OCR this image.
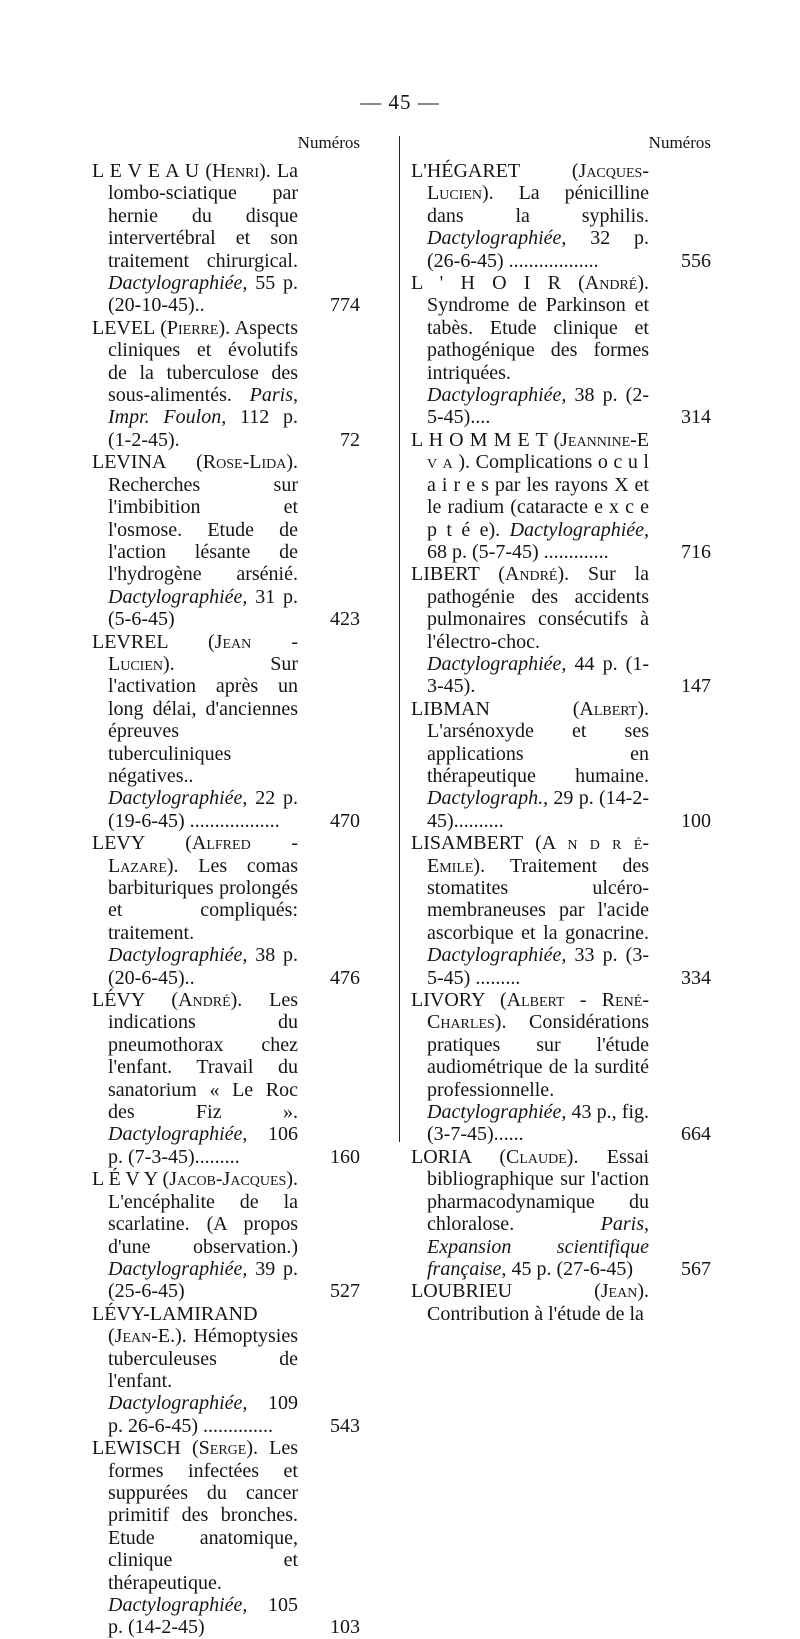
— 45 —
Numéros
L E V E A U (Henri). La lombo-sciatique par hernie du disque intervertébral et son traitement chirurgical. Dactylographiée, 55 p. (20-10-45)..	774
LEVEL (Pierre). Aspects cliniques et évolutifs de la tuberculose des sous-alimentés. Paris, Impr. Foulon, 112 p. (1-2-45).	72
LEVINA (Rose-Lida). Recherches sur l'imbibition et l'osmose. Etude de l'action lésante de l'hydrogène arsénié. Dactylographiée, 31 p. (5-6-45)	423
LEVREL (Jean - Lucien). Sur l'activation après un long délai, d'anciennes épreuves tuberculiniques négatives.. Dactylographiée, 22 p. (19-6-45) ..................	470
LEVY (Alfred - Lazare). Les comas barbituriques prolongés et compliqués: traitement. Dactylographiée, 38 p. (20-6-45)..	476
LÉVY (André). Les indications du pneumothorax chez l'enfant. Travail du sanatorium « Le Roc des Fiz ». Dactylographiée, 106 p. (7-3-45).........	160
L É V Y (Jacob-Jacques). L'encéphalite de la scarlatine. (A propos d'une observation.) Dactylographiée, 39 p. (25-6-45)	527
LÉVY-LAMIRAND (Jean-E.). Hémoptysies tuberculeuses de l'enfant. Dactylographiée, 109 p. 26-6-45) ..............	543
LEWISCH (Serge). Les formes infectées et suppurées du cancer primitif des bronches. Etude anatomique, clinique et thérapeutique. Dactylographiée, 105 p. (14-2-45)	103
Numéros
L'HÉGARET	(Jacques-Lucien). La pénicilline dans la syphilis. Dactylographiée, 32 p. (26-6-45) ..................	556
L ' H O I R (André). Syndrome de Parkinson et tabès. Etude clinique et pathogénique des formes intriquées. Dactylographiée, 38 p. (2-5-45)....	314
L H O M M E T (Jeannine-E v a ). Complications o c u l a i r e s par les rayons X et le radium (cataracte e x c e p t é e). Dactylographiée, 68 p. (5-7-45) .............	716
LIBERT (André). Sur la pathogénie des accidents pulmonaires consécutifs à l'électro-choc. Dactylographiée, 44 p. (1-3-45).	147
LIBMAN	(Albert). L'arsénoxyde et ses applications en thérapeutique humaine. Dactylograph., 29 p. (14-2-45)..........	100
LISAMBERT (A n d r é-Emile). Traitement des stomatites ulcéro-membraneuses par l'acide ascorbique et la gonacrine. Dactylographiée, 33 p. (3-5-45) .........	334
LIVORY (Albert - René-Charles). Considérations pratiques sur l'étude audiométrique de la surdité professionnelle. Dactylographiée, 43 p., fig. (3-7-45)......	664
LORIA (Claude). Essai bibliographique sur l'action pharmacodynamique du chloralose. Paris, Expansion scientifique française, 45 p. (27-6-45) 567
LOUBRIEU	(Jean). Contribution à l'étude de la
